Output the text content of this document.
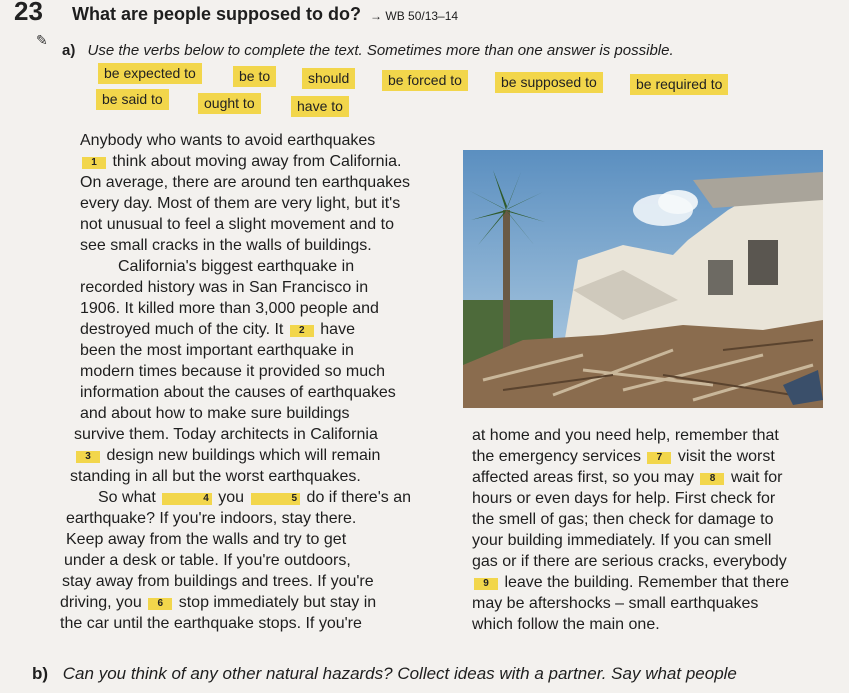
23 What are people supposed to do? → WB 50/13–14
✎
a) Use the verbs below to complete the text. Sometimes more than one answer is possible.
be expected to	be to	should	be forced to	be supposed to	be required to
be said to	ought to	have to

Anybody who wants to avoid earthquakes

1 think about moving away from California.

On average, there are around ten earthquakes

every day. Most of them are very light, but it's

not unusual to feel a slight movement and to

see small cracks in the walls of buildings.

California's biggest earthquake in

recorded history was in San Francisco in

1906. It killed more than 3,000 people and

destroyed much of the city. It 2 have

been the most important earthquake in

modern times because it provided so much

information about the causes of earthquakes

and about how to make sure buildings

survive them. Today architects in California

3 design new buildings which will remain

standing in all but the worst earthquakes.

So what	4 you	5 do if there's an

earthquake? If you're indoors, stay there.

Keep away from the walls and try to get

under a desk or table. If you're outdoors,

stay away from buildings and trees. If you're

driving, you 6 stop immediately but stay in

the car until the earthquake stops. If you're

at home and you need help, remember that

the emergency services 7 visit the worst

affected areas first, so you may 8 wait for

hours or even days for help. First check for

the smell of gas; then check for damage to

your building immediately. If you can smell

gas or if there are serious cracks, everybody

9 leave the building. Remember that there

may be aftershocks – small earthquakes

which follow the main one.

b) Can you think of any other natural hazards? Collect ideas with a partner. Say what people
